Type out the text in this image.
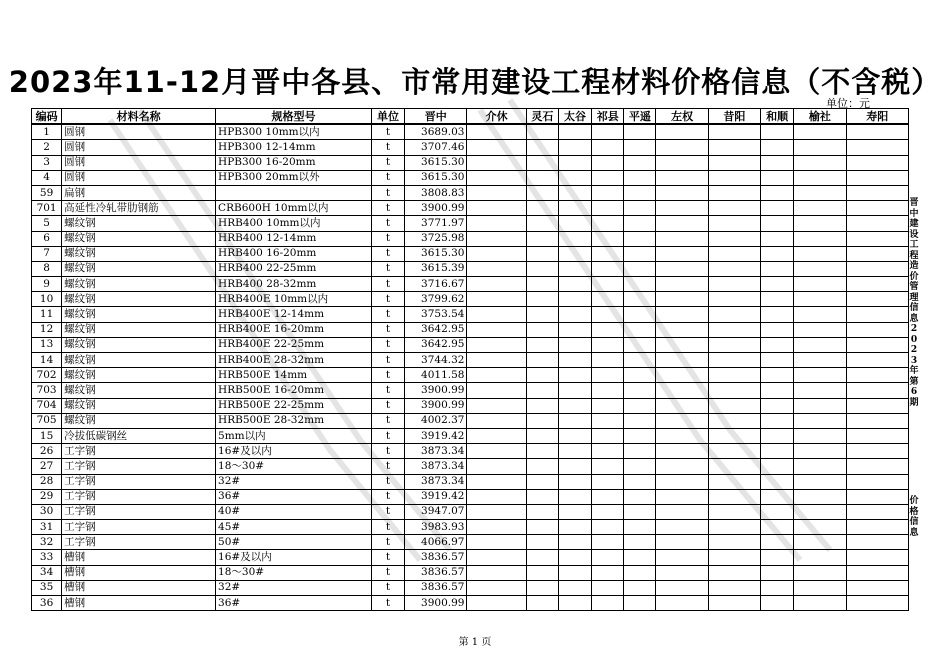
2023年11-12月晋中各县、市常用建设工程材料价格信息（不含税）
单位：元
晋中建设工程造价管理信息2023年第6期
价格信息
编码	材料名称	规格型号	单位	晋中	介休	灵石	太谷	祁县	平遥	左权	昔阳	和顺	榆社	寿阳
1	圆钢	HPB300 10mm以内	t	3689.03										
2	圆钢	HPB300 12-14mm	t	3707.46										
3	圆钢	HPB300 16-20mm	t	3615.30										
4	圆钢	HPB300 20mm以外	t	3615.30										
59	扁钢		t	3808.83										
701	高延性冷轧带肋钢筋	CRB600H 10mm以内	t	3900.99										
5	螺纹钢	HRB400 10mm以内	t	3771.97										
6	螺纹钢	HRB400 12-14mm	t	3725.98										
7	螺纹钢	HRB400 16-20mm	t	3615.30										
8	螺纹钢	HRB400 22-25mm	t	3615.39										
9	螺纹钢	HRB400 28-32mm	t	3716.67										
10	螺纹钢	HRB400E 10mm以内	t	3799.62										
11	螺纹钢	HRB400E 12-14mm	t	3753.54										
12	螺纹钢	HRB400E 16-20mm	t	3642.95										
13	螺纹钢	HRB400E 22-25mm	t	3642.95										
14	螺纹钢	HRB400E 28-32mm	t	3744.32										
702	螺纹钢	HRB500E 14mm	t	4011.58										
703	螺纹钢	HRB500E 16-20mm	t	3900.99										
704	螺纹钢	HRB500E 22-25mm	t	3900.99										
705	螺纹钢	HRB500E 28-32mm	t	4002.37										
15	冷拔低碳钢丝	5mm以内	t	3919.42										
26	工字钢	16#及以内	t	3873.34										
27	工字钢	18～30#	t	3873.34										
28	工字钢	32#	t	3873.34										
29	工字钢	36#	t	3919.42										
30	工字钢	40#	t	3947.07										
31	工字钢	45#	t	3983.93										
32	工字钢	50#	t	4066.97										
33	槽钢	16#及以内	t	3836.57										
34	槽钢	18～30#	t	3836.57										
35	槽钢	32#	t	3836.57										
36	槽钢	36#	t	3900.99										
第 1 页
